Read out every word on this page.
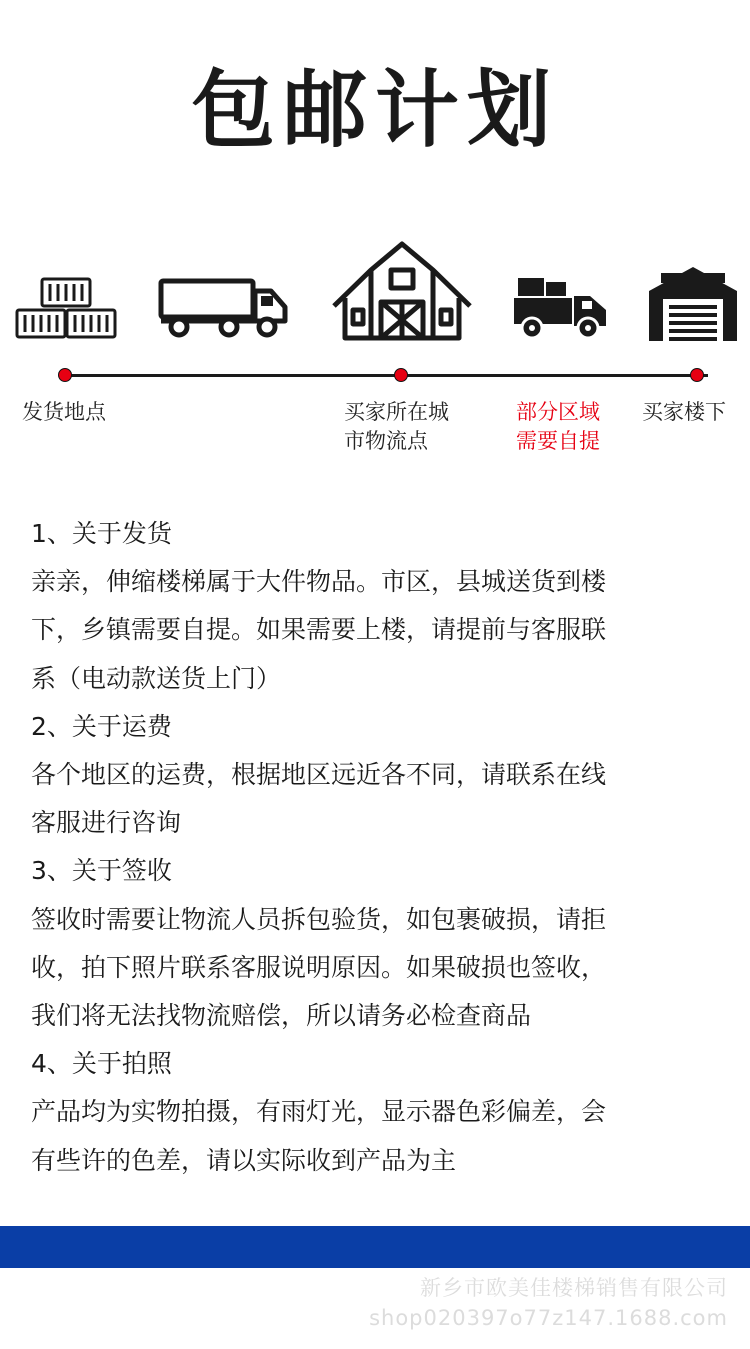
包邮计划
发货地点	买家所在城
市物流点
部分区域
需要自提
买家楼下

1、关于发货

亲亲，伸缩楼梯属于大件物品。市区，县城送货到楼

下，乡镇需要自提。如果需要上楼，请提前与客服联

系（电动款送货上门）

2、关于运费

各个地区的运费，根据地区远近各不同，请联系在线

客服进行咨询

3、关于签收

签收时需要让物流人员拆包验货，如包裹破损，请拒

收，拍下照片联系客服说明原因。如果破损也签收，

我们将无法找物流赔偿，所以请务必检查商品

4、关于拍照

产品均为实物拍摄，有雨灯光，显示器色彩偏差，会

有些许的色差，请以实际收到产品为主

新乡市欧美佳楼梯销售有限公司
shop020397o77z147.1688.com
